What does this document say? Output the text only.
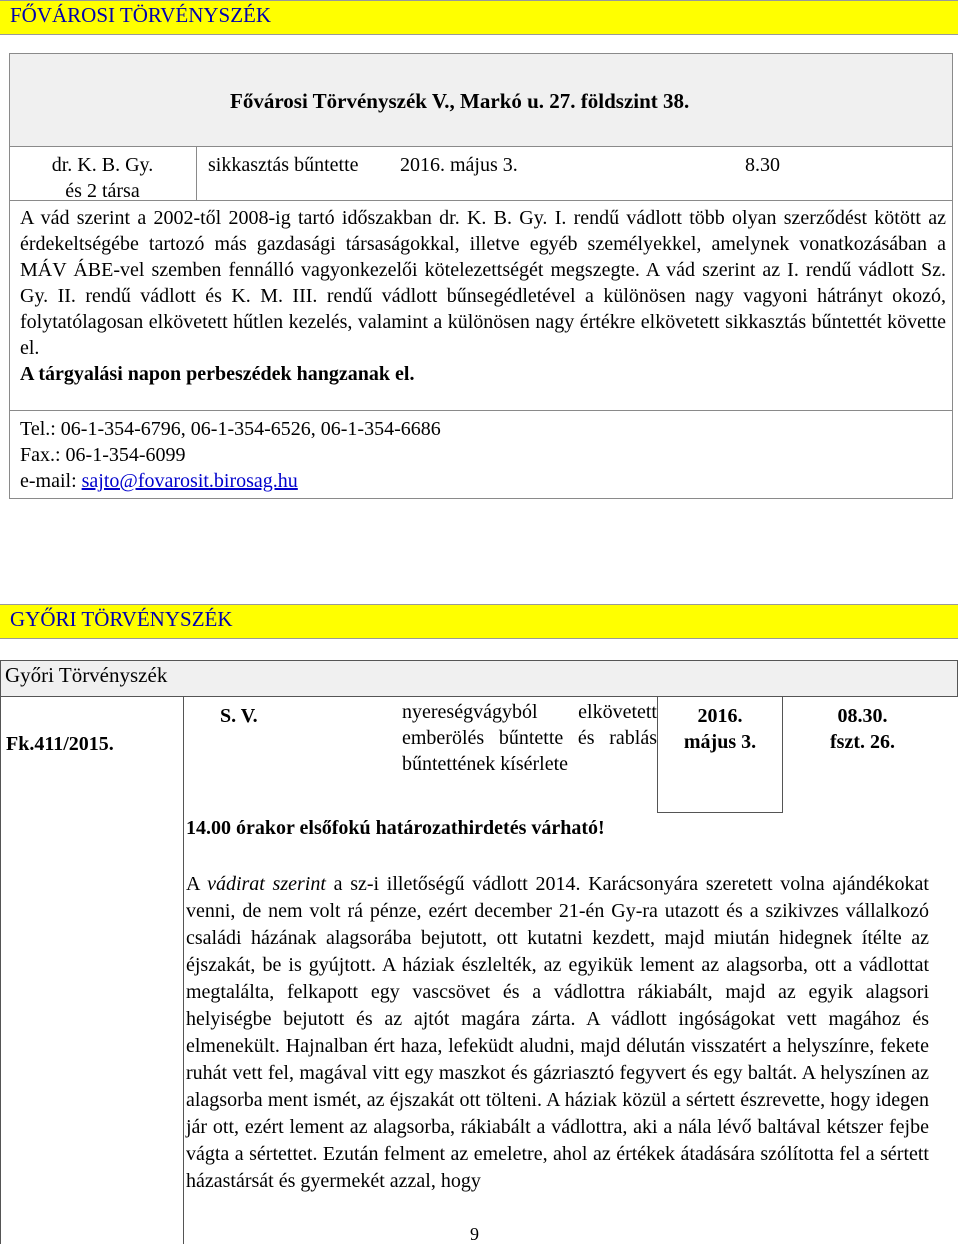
FŐVÁROSI TÖRVÉNYSZÉK
Fővárosi Törvényszék V., Markó u. 27. földszint 38.
dr. K. B. Gy.
és 2 társa
sikkasztás bűntette 2016. május 3.	8.30
A vád szerint a 2002-től 2008-ig tartó időszakban dr. K. B. Gy. I. rendű vádlott több olyan szerződést kötött az érdekeltségébe tartozó más gazdasági társaságokkal, illetve egyéb személyekkel, amelynek vonatkozásában a MÁV ÁBE-vel szemben fennálló vagyonkezelői kötelezettségét megszegte. A vád szerint az I. rendű vádlott Sz. Gy. II. rendű vádlott és K. M. III. rendű vádlott bűnsegédletével a különösen nagy vagyoni hátrányt okozó, folytatólagosan elkövetett hűtlen kezelés, valamint a különösen nagy értékre elkövetett sikkasztás bűntettét követte el.
A tárgyalási napon perbeszédek hangzanak el.
Tel.: 06-1-354-6796, 06-1-354-6526, 06-1-354-6686
Fax.: 06-1-354-6099
e-mail: sajto@fovarosit.birosag.hu
GYŐRI TÖRVÉNYSZÉK
Győri Törvényszék
Fk.411/2015.
S. V.	nyereségvágyból elkövetett emberölés bűntette és rablás bűntettének kísérlete
2016.
május 3.
08.30.
fszt. 26.
14.00 órakor elsőfokú határozathirdetés várható!
A vádirat szerint a sz-i illetőségű vádlott 2014. Karácsonyára szeretett volna ajándékokat venni, de nem volt rá pénze, ezért december 21-én Gy-ra utazott és a szikivzes vállalkozó családi házának alagsorába bejutott, ott kutatni kezdett, majd miután hidegnek ítélte az éjszakát, be is gyújtott. A háziak észlelték, az egyikük lement az alagsorba, ott a vádlottat megtalálta, felkapott egy vascsövet és a vádlottra rákiabált, majd az egyik alagsori helyiségbe bejutott és az ajtót magára zárta. A vádlott ingóságokat vett magához és elmenekült. Hajnalban ért haza, lefeküdt aludni, majd délután visszatért a helyszínre, fekete ruhát vett fel, magával vitt egy maszkot és gázriasztó fegyvert és egy baltát. A helyszínen az alagsorba ment ismét, az éjszakát ott tölteni. A háziak közül a sértett észrevette, hogy idegen jár ott, ezért lement az alagsorba, rákiabált a vádlottra, aki a nála lévő baltával kétszer fejbe vágta a sértettet. Ezután felment az emeletre, ahol az értékek átadására szólította fel a sértett házastársát és gyermekét azzal, hogy
9
